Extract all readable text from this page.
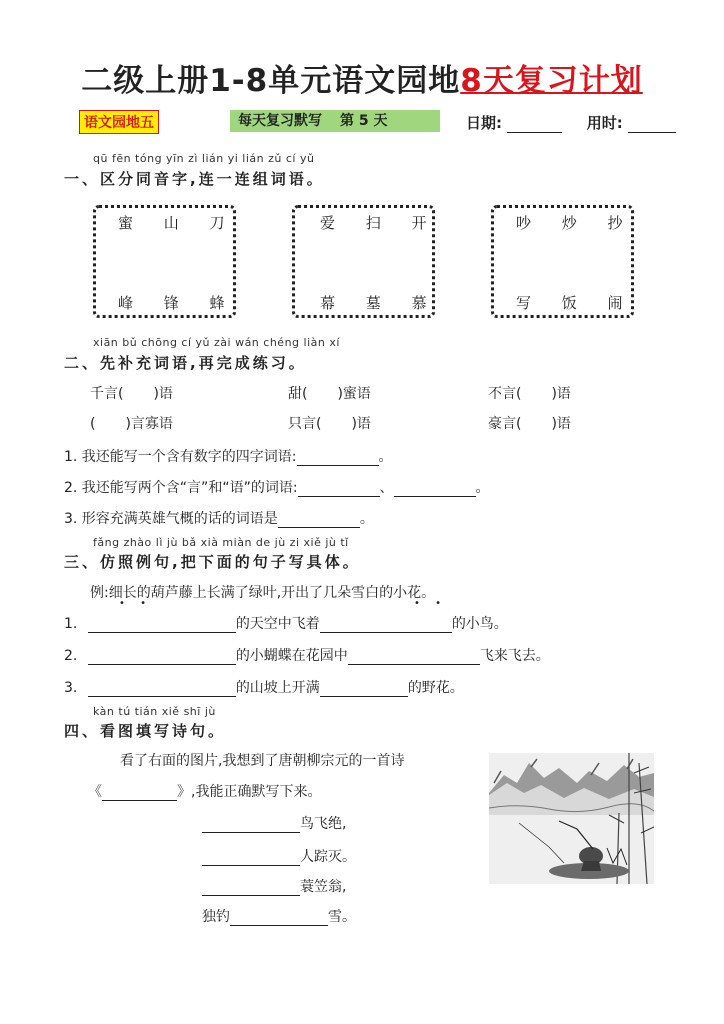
二级上册1-8单元语文园地8天复习计划
语文园地五	每天复习默写 第 5 天	日期:	用时:
qū fēn tóng yīn zì lián yi lián zǔ cí yǔ
一、区分同音字,连一连组词语。
蜜 山 刀
峰 锋 蜂
爱 扫 开
幕 墓 慕
吵 炒 抄
写 饭 闹
xiān bǔ chōng cí yǔ zài wán chéng liàn xí
二、先补充词语,再完成练习。
千言( )语	甜( )蜜语	不言( )语
( )言寡语	只言( )语	豪言( )语
1. 我还能写一个含有数字的四字词语:	。
2. 我还能写两个含“言”和“语”的词语:	、	。
3. 形容充满英雄气概的话的词语是	。
fǎng zhào lì jù bǎ xià miàn de jù zi xiě jù tǐ
三、仿照例句,把下面的句子写具体。
例:细长的葫芦藤上长满了绿叶,开出了几朵雪白的小花。
• •	• •
1.	的天空中飞着	的小鸟。
2.	的小蝴蝶在花园中	飞来飞去。
3.	的山坡上开满	的野花。
kàn tú tián xiě shī jù
四、看图填写诗句。
看了右面的图片,我想到了唐朝柳宗元的一首诗
《	》,我能正确默写下来。
鸟飞绝,
人踪灭。
蓑笠翁,
独钓	雪。
